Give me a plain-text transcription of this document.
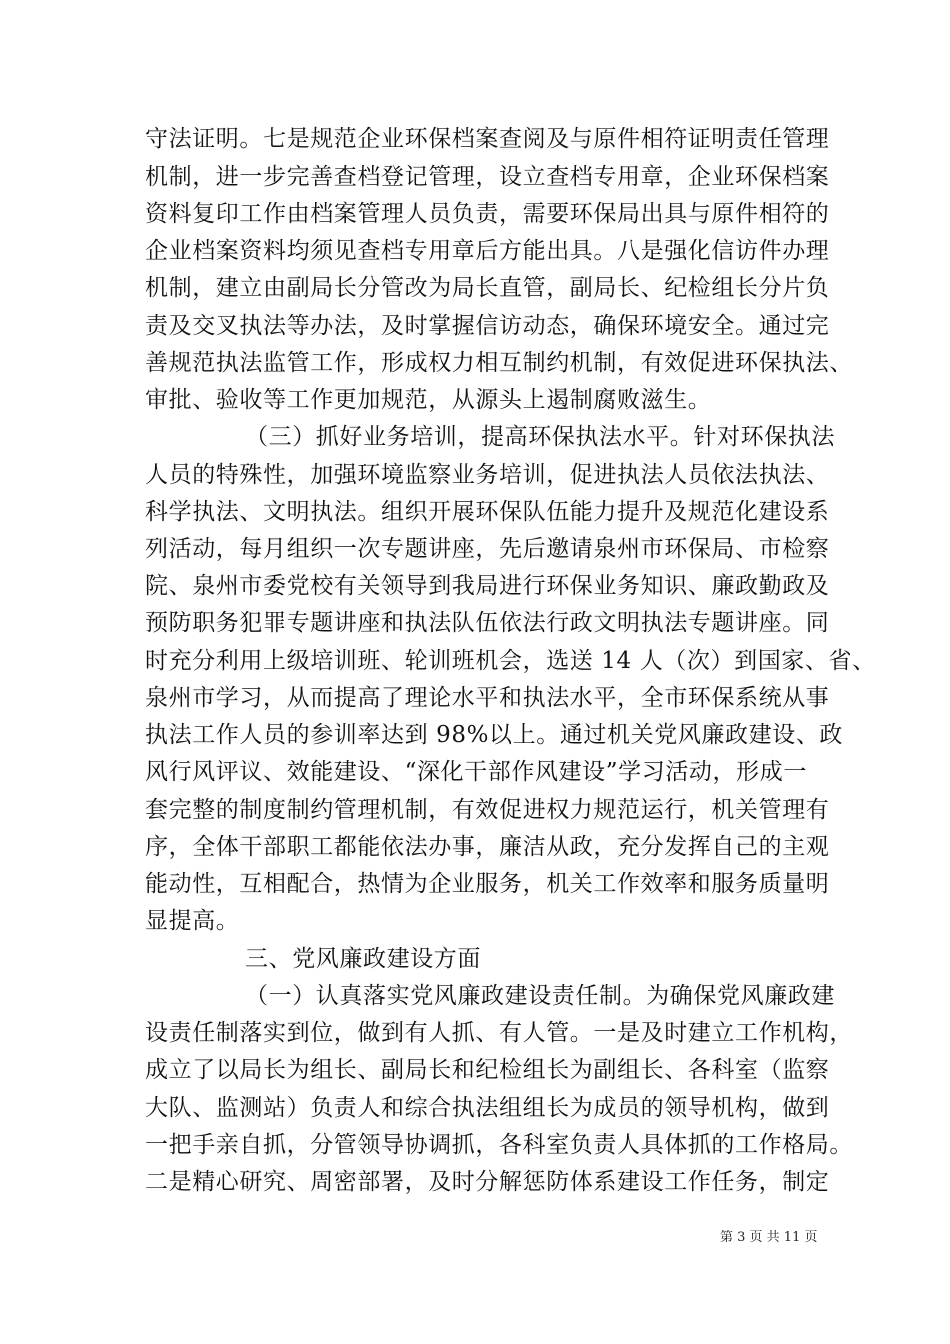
守法证明。七是规范企业环保档案查阅及与原件相符证明责任管理
机制，进一步完善查档登记管理，设立查档专用章，企业环保档案
资料复印工作由档案管理人员负责，需要环保局出具与原件相符的
企业档案资料均须见查档专用章后方能出具。八是强化信访件办理
机制，建立由副局长分管改为局长直管，副局长、纪检组长分片负
责及交叉执法等办法，及时掌握信访动态，确保环境安全。通过完
善规范执法监管工作，形成权力相互制约机制，有效促进环保执法、
审批、验收等工作更加规范，从源头上遏制腐败滋生。
（三）抓好业务培训，提高环保执法水平。针对环保执法
人员的特殊性，加强环境监察业务培训，促进执法人员依法执法、
科学执法、文明执法。组织开展环保队伍能力提升及规范化建设系
列活动，每月组织一次专题讲座，先后邀请泉州市环保局、市检察
院、泉州市委党校有关领导到我局进行环保业务知识、廉政勤政及
预防职务犯罪专题讲座和执法队伍依法行政文明执法专题讲座。同
时充分利用上级培训班、轮训班机会，选送 14 人（次）到国家、省、
泉州市学习，从而提高了理论水平和执法水平，全市环保系统从事
执法工作人员的参训率达到 98%以上。通过机关党风廉政建设、政
风行风评议、效能建设、“深化干部作风建设”学习活动，形成一
套完整的制度制约管理机制，有效促进权力规范运行，机关管理有
序，全体干部职工都能依法办事，廉洁从政，充分发挥自己的主观
能动性，互相配合，热情为企业服务，机关工作效率和服务质量明
显提高。
三、党风廉政建设方面
（一）认真落实党风廉政建设责任制。为确保党风廉政建
设责任制落实到位，做到有人抓、有人管。一是及时建立工作机构，
成立了以局长为组长、副局长和纪检组长为副组长、各科室（监察
大队、监测站）负责人和综合执法组组长为成员的领导机构，做到
一把手亲自抓，分管领导协调抓，各科室负责人具体抓的工作格局。
二是精心研究、周密部署，及时分解惩防体系建设工作任务，制定
第 3 页 共 11 页
